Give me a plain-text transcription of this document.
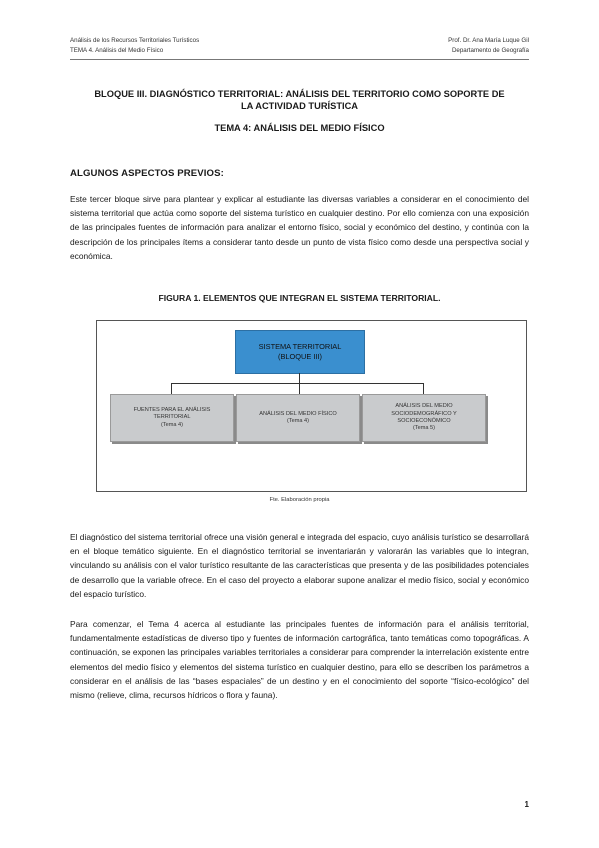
Análisis de los Recursos Territoriales Turísticos
TEMA 4. Análisis del Medio Físico
Prof. Dr. Ana María Luque Gil
Departamento de Geografía
BLOQUE III. DIAGNÓSTICO TERRITORIAL: ANÁLISIS DEL TERRITORIO COMO SOPORTE DE
LA ACTIVIDAD TURÍSTICA
TEMA 4: ANÁLISIS DEL MEDIO FÍSICO
ALGUNOS ASPECTOS PREVIOS:
Este tercer bloque sirve para plantear y explicar al estudiante las diversas variables a considerar en el conocimiento del sistema territorial que actúa como soporte del sistema turístico en cualquier destino. Por ello comienza con una exposición de las principales fuentes de información para analizar el entorno físico, social y económico del destino, y continúa con la descripción de los principales ítems a considerar tanto desde un punto de vista físico como desde una perspectiva social y económica.
FIGURA 1. ELEMENTOS QUE INTEGRAN EL SISTEMA TERRITORIAL.
SISTEMA TERRITORIAL
(BLOQUE III)
FUENTES PARA EL ANÁLISIS
TERRITORIAL
(Tema 4)
ANÁLISIS DEL MEDIO FÍSICO
(Tema 4)
ANÁLISIS DEL MEDIO
SOCIODEMOGRÁFICO Y
SOCIOECONÓMICO
(Tema 5)
Fte. Elaboración propia
El diagnóstico del sistema territorial ofrece una visión general e integrada del espacio, cuyo análisis turístico se desarrollará en el bloque temático siguiente. En el diagnóstico territorial se inventariarán y valorarán las variables que lo integran, vinculando su análisis con el valor turístico resultante de las características que presenta y de las posibilidades potenciales de desarrollo que la variable ofrece. En el caso del proyecto a elaborar supone analizar el medio físico, social y económico del espacio turístico.
Para comenzar, el Tema 4 acerca al estudiante las principales fuentes de información para el análisis territorial, fundamentalmente estadísticas de diverso tipo y fuentes de información cartográfica, tanto temáticas como topográficas. A continuación, se exponen las principales variables territoriales a considerar para comprender la interrelación existente entre elementos del medio físico y elementos del sistema turístico en cualquier destino, para ello se describen los parámetros a considerar en el análisis de las “bases espaciales” de un destino y en el conocimiento del soporte “físico-ecológico” del mismo (relieve, clima, recursos hídricos o flora y fauna).
1
